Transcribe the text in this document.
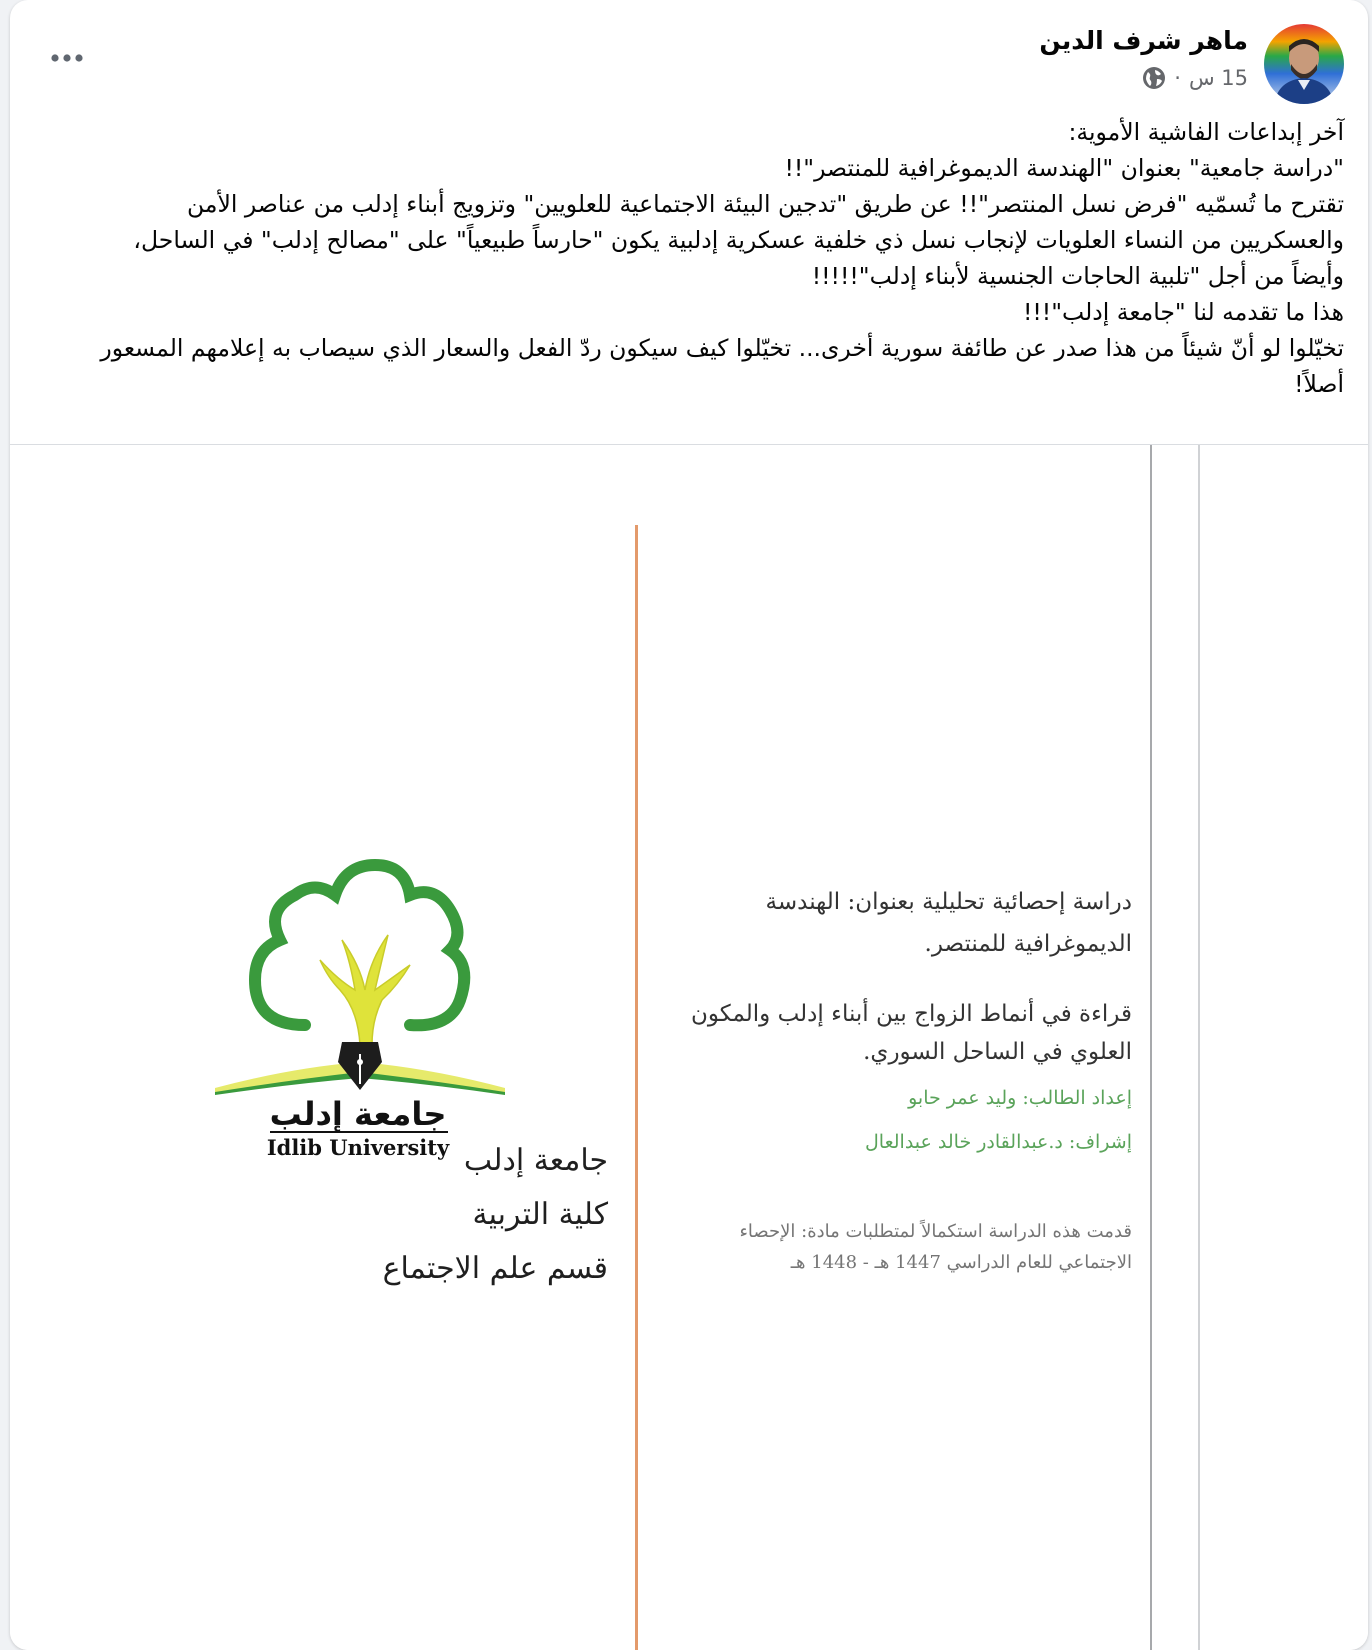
ماهر شرف الدين
15 س
·
آخر إبداعات الفاشية الأموية:
"دراسة جامعية" بعنوان "الهندسة الديموغرافية للمنتصر"!!
تقترح ما تُسمّيه "فرض نسل المنتصر"!! عن طريق "تدجين البيئة الاجتماعية للعلويين" وتزويج أبناء إدلب من عناصر الأمن والعسكريين من النساء العلويات لإنجاب نسل ذي خلفية عسكرية إدلبية يكون "حارساً طبيعياً" على "مصالح إدلب" في الساحل، وأيضاً من أجل "تلبية الحاجات الجنسية لأبناء إدلب"!!!!!
هذا ما تقدمه لنا "جامعة إدلب"!!!
تخيّلوا لو أنّ شيئاً من هذا صدر عن طائفة سورية أخرى... تخيّلوا كيف سيكون ردّ الفعل والسعار الذي سيصاب به إعلامهم المسعور أصلاً!
جامعة إدلب
Idlib University جامعة إدلب
كلية التربية
قسم علم الاجتماع
دراسة إحصائية تحليلية بعنوان: الهندسة
الديموغرافية للمنتصر.
قراءة في أنماط الزواج بين أبناء إدلب والمكون
العلوي في الساحل السوري.
إعداد الطالب: وليد عمر حابو
إشراف: د.عبدالقادر خالد عبدالعال
قدمت هذه الدراسة استكمالاً لمتطلبات مادة: الإحصاء
الاجتماعي للعام الدراسي 1447 هـ - 1448 هـ
